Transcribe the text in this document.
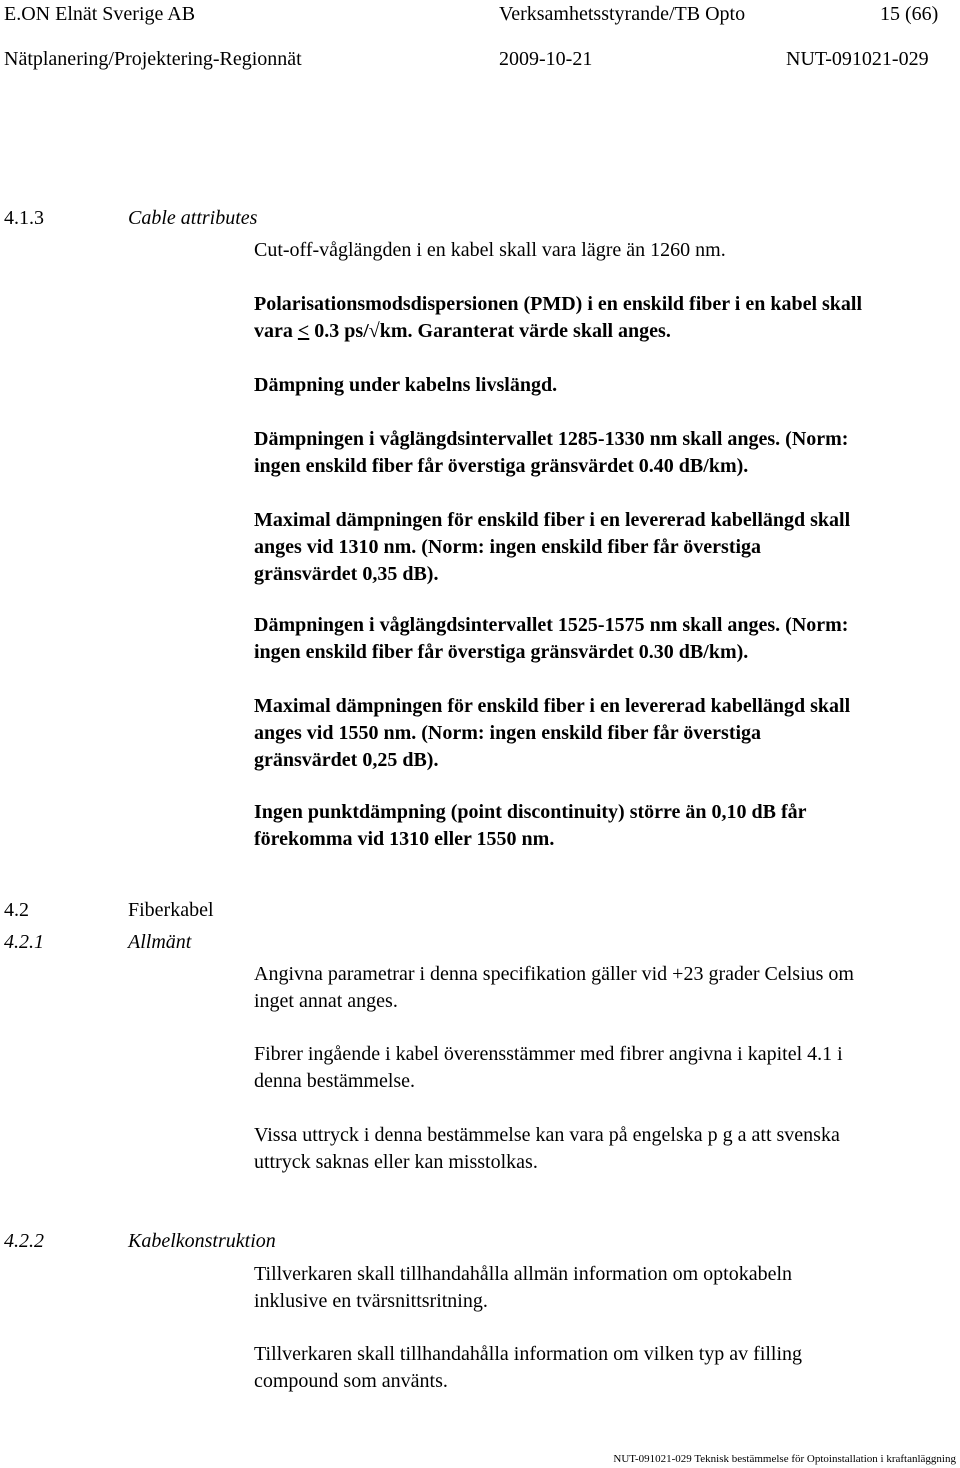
E.ON Elnät Sverige AB	Verksamhetsstyrande/TB Opto	15 (66)
Nätplanering/Projektering-Regionnät	2009-10-21	NUT-091021-029
4.1.3	Cable attributes
Cut-off-våglängden i en kabel skall vara lägre än 1260 nm.
Polarisationsmodsdispersionen (PMD) i en enskild fiber i en kabel skall
vara ≤ 0.3 ps/√km. Garanterat värde skall anges.
Dämpning under kabelns livslängd.
Dämpningen i våglängdsintervallet 1285-1330 nm skall anges. (Norm:
ingen enskild fiber får överstiga gränsvärdet 0.40 dB/km).
Maximal dämpningen för enskild fiber i en levererad kabellängd skall
anges vid 1310 nm. (Norm: ingen enskild fiber får överstiga
gränsvärdet 0,35 dB).
Dämpningen i våglängdsintervallet 1525-1575 nm skall anges. (Norm:
ingen enskild fiber får överstiga gränsvärdet 0.30 dB/km).
Maximal dämpningen för enskild fiber i en levererad kabellängd skall
anges vid 1550 nm. (Norm: ingen enskild fiber får överstiga
gränsvärdet 0,25 dB).
Ingen punktdämpning (point discontinuity) större än 0,10 dB får
förekomma vid 1310 eller 1550 nm.
4.2	Fiberkabel
4.2.1	Allmänt
Angivna parametrar i denna specifikation gäller vid +23 grader Celsius om
inget annat anges.
Fibrer ingående i kabel överensstämmer med fibrer angivna i kapitel 4.1 i
denna bestämmelse.
Vissa uttryck i denna bestämmelse kan vara på engelska p g a att svenska
uttryck saknas eller kan misstolkas.
4.2.2	Kabelkonstruktion
Tillverkaren skall tillhandahålla allmän information om optokabeln
inklusive en tvärsnittsritning.
Tillverkaren skall tillhandahålla information om vilken typ av filling
compound som använts.
NUT-091021-029 Teknisk bestämmelse för Optoinstallation i kraftanläggning
